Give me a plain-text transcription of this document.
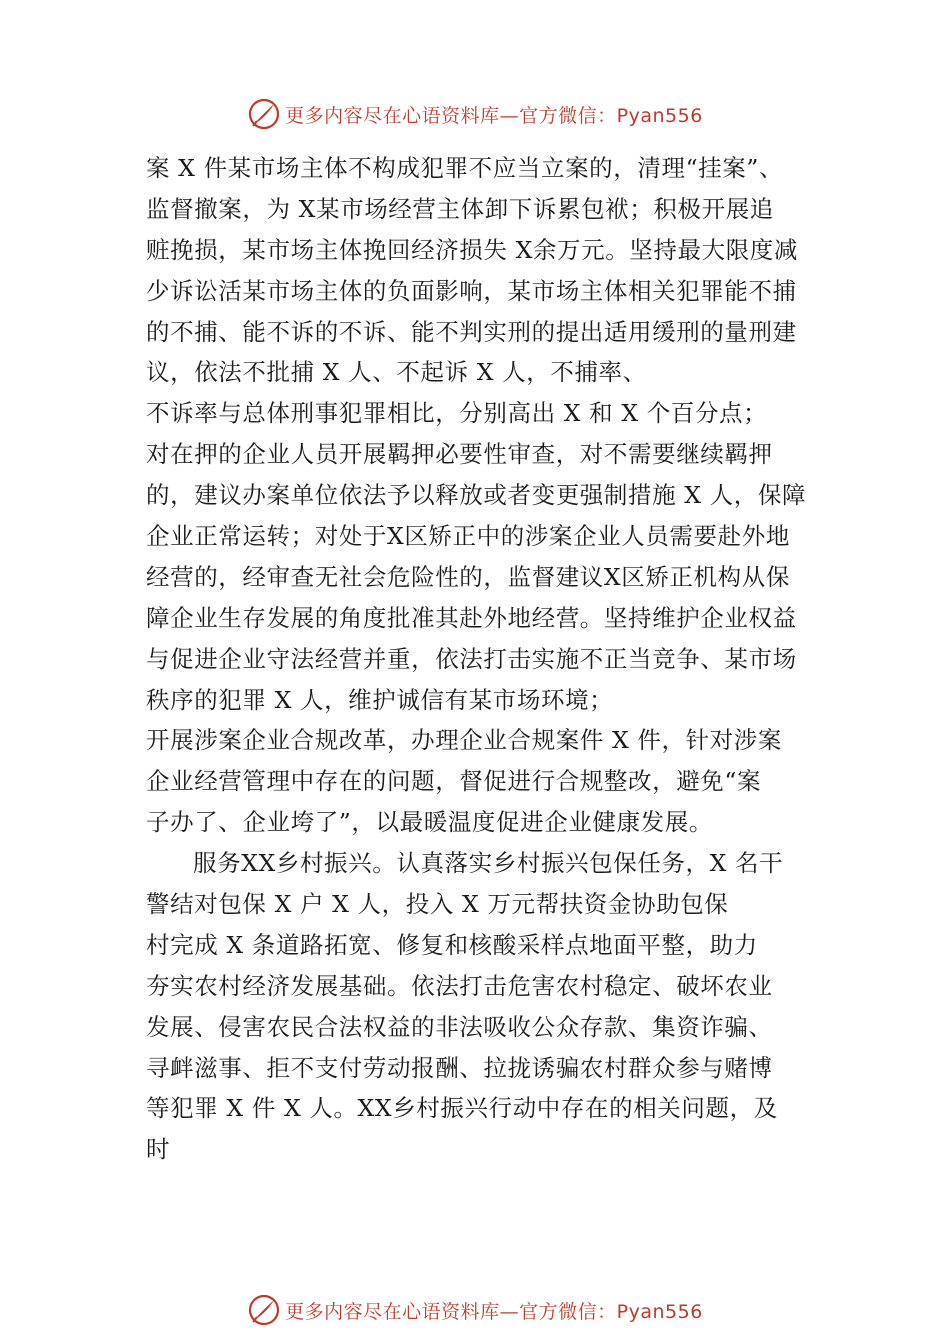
更多内容尽在心语资料库—官方微信：Pyan556
案 X 件某市场主体不构成犯罪不应当立案的，清理“挂案”、
监督撤案，为 X某市场经营主体卸下诉累包袱；积极开展追
赃挽损，某市场主体挽回经济损失 X余万元。坚持最大限度减
少诉讼活某市场主体的负面影响，某市场主体相关犯罪能不捕
的不捕、能不诉的不诉、能不判实刑的提出适用缓刑的量刑建
议，依法不批捕 X 人、不起诉 X 人，不捕率、
不诉率与总体刑事犯罪相比，分别高出 X 和 X 个百分点；
对在押的企业人员开展羁押必要性审查，对不需要继续羁押
的，建议办案单位依法予以释放或者变更强制措施 X 人，保障
企业正常运转；对处于X区矫正中的涉案企业人员需要赴外地
经营的，经审查无社会危险性的，监督建议X区矫正机构从保
障企业生存发展的角度批准其赴外地经营。坚持维护企业权益
与促进企业守法经营并重，依法打击实施不正当竞争、某市场
秩序的犯罪 X 人，维护诚信有某市场环境；
开展涉案企业合规改革，办理企业合规案件 X 件，针对涉案
企业经营管理中存在的问题，督促进行合规整改，避免“案
子办了、企业垮了”，以最暖温度促进企业健康发展。
服务XX乡村振兴。认真落实乡村振兴包保任务，X 名干
警结对包保 X 户 X 人，投入 X 万元帮扶资金协助包保
村完成 X 条道路拓宽、修复和核酸采样点地面平整，助力
夯实农村经济发展基础。依法打击危害农村稳定、破坏农业
发展、侵害农民合法权益的非法吸收公众存款、集资诈骗、
寻衅滋事、拒不支付劳动报酬、拉拢诱骗农村群众参与赌博
等犯罪 X 件 X 人。XX乡村振兴行动中存在的相关问题，及
时
更多内容尽在心语资料库—官方微信：Pyan556
